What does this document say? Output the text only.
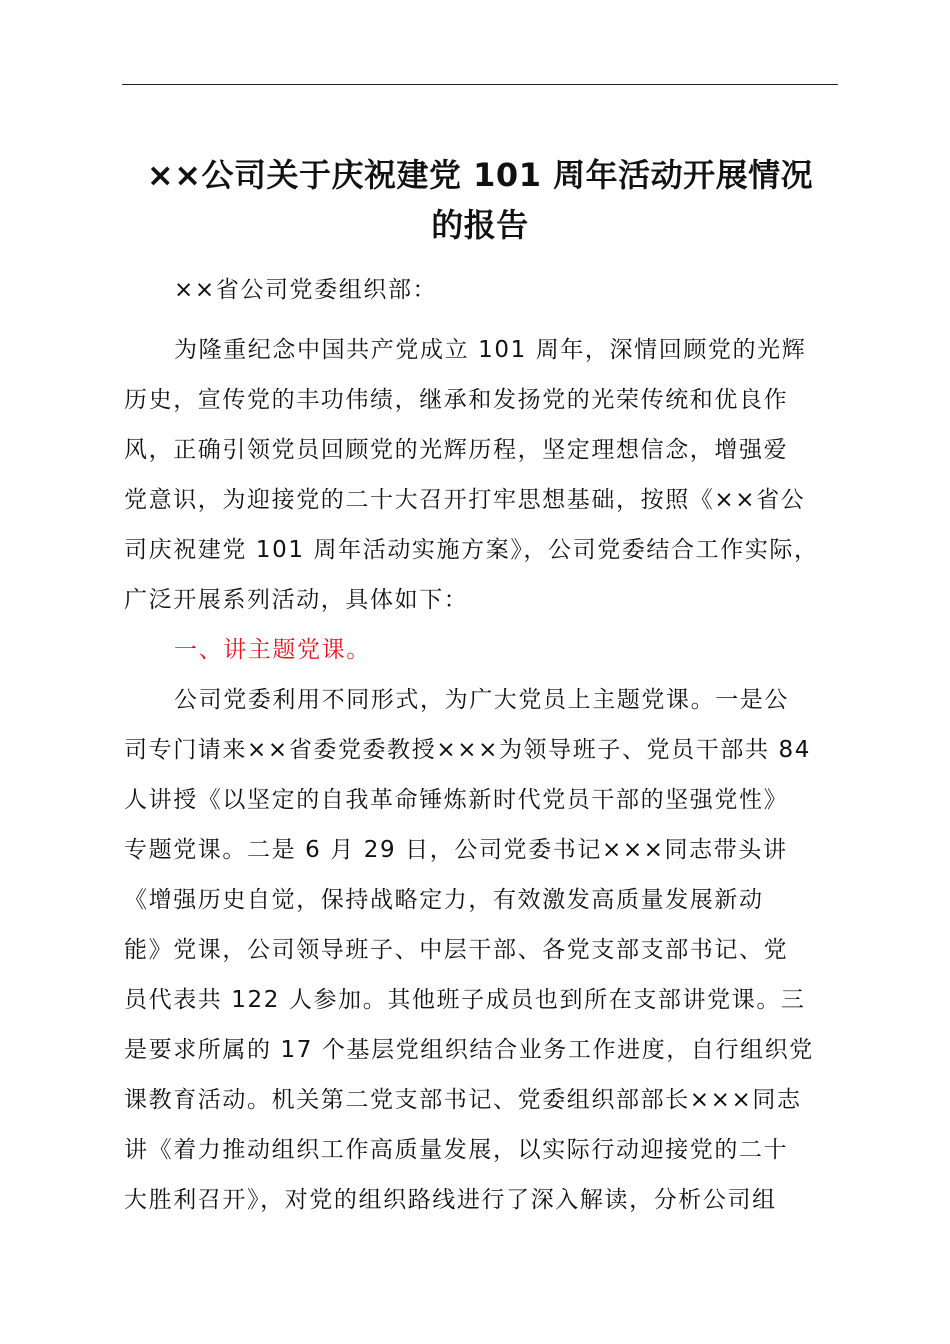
××公司关于庆祝建党 101 周年活动开展情况
的报告
××省公司党委组织部：
为隆重纪念中国共产党成立 101 周年，深情回顾党的光辉
历史，宣传党的丰功伟绩，继承和发扬党的光荣传统和优良作
风，正确引领党员回顾党的光辉历程，坚定理想信念，增强爱
党意识，为迎接党的二十大召开打牢思想基础，按照《××省公
司庆祝建党 101 周年活动实施方案》，公司党委结合工作实际，
广泛开展系列活动，具体如下：
一、讲主题党课。
公司党委利用不同形式，为广大党员上主题党课。一是公
司专门请来××省委党委教授×××为领导班子、党员干部共 84
人讲授《以坚定的自我革命锤炼新时代党员干部的坚强党性》
专题党课。二是 6 月 29 日，公司党委书记×××同志带头讲
《增强历史自觉，保持战略定力，有效激发高质量发展新动
能》党课，公司领导班子、中层干部、各党支部支部书记、党
员代表共 122 人参加。其他班子成员也到所在支部讲党课。三
是要求所属的 17 个基层党组织结合业务工作进度，自行组织党
课教育活动。机关第二党支部书记、党委组织部部长×××同志
讲《着力推动组织工作高质量发展，以实际行动迎接党的二十
大胜利召开》，对党的组织路线进行了深入解读，分析公司组
